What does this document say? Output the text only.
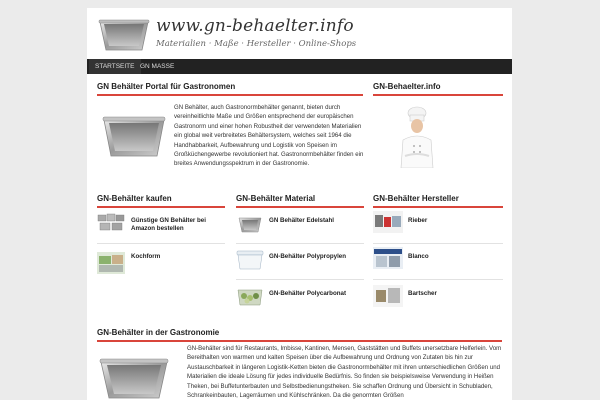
www.gn-behaelter.info
Materialien · Maße · Hersteller · Online-Shops
STARTSEITE GN MASSE
GN Behälter Portal für Gastronomen
GN Behälter, auch Gastronormbehälter genannt, bieten durch vereinheitlichte Maße und Größen entsprechend der europäischen Gastronorm und einer hohen Robustheit der verwendeten Materialien ein global weit verbreitetes Behältersystem, welches seit 1964 die Handhabbarkeit, Aufbewahrung und Logistik von Speisen im Großküchengewerbe revolutioniert hat. Gastronormbehälter finden ein breites Anwendungsspektrum in der Gastronomie.
GN-Behaelter.info
GN-Behälter kaufen
Günstige GN Behälter bei Amazon bestellen
Kochform
GN-Behälter Material
GN Behälter Edelstahl
GN-Behälter Polypropylen
GN-Behälter Polycarbonat
GN-Behälter Hersteller
Rieber
Blanco
Bartscher
GN-Behälter in der Gastronomie
GN-Behälter sind für Restaurants, Imbisse, Kantinen, Mensen, Gaststätten und Buffets unersetzbare Helferlein. Vom Bereithalten von warmen und kalten Speisen über die Aufbewahrung und Ordnung von Zutaten bis hin zur Austauschbarkeit in längeren Logistik-Ketten bieten die Gastronormbehälter mit ihren unterschiedlichen Größen und Materialien die ideale Lösung für jedes individuelle Bedürfnis. So finden sie beispielsweise Verwendung in Heißen Theken, bei Buffetunterbauten und Selbstbedienungstheken. Sie schaffen Ordnung und Übersicht in Schubladen, Schrankeinbauten, Lagerräumen und Kühlschränken. Da die genormten Größen
